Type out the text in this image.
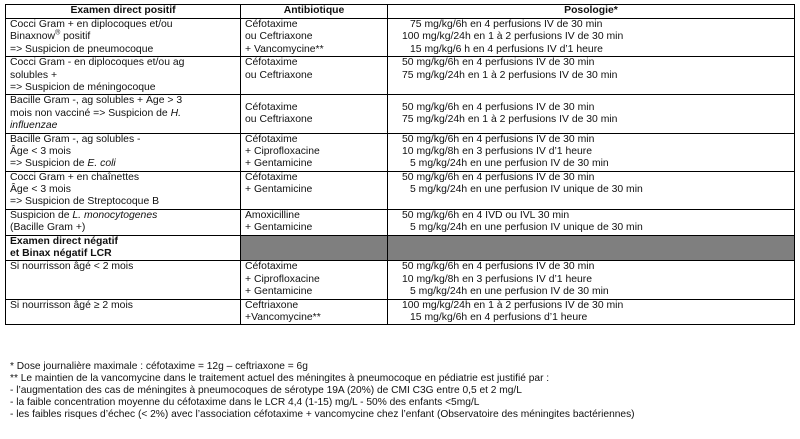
Examen direct positif	Antibiotique	Posologie*

Cocci Gram + en diplocoques et/ou
Binaxnow® positif
=> Suspicion de pneumocoque	Céfotaxime
ou Ceftriaxone
+ Vancomycine**	75 mg/kg/6h en 4 perfusions IV de 30 min
100 mg/kg/24h en 1 à 2 perfusions IV de 30 min
15 mg/kg/6 h en 4 perfusions IV d’1 heure

Cocci Gram - en diplocoques et/ou ag
solubles +
=> Suspicion de méningocoque	Céfotaxime
ou Ceftriaxone	50 mg/kg/6h en 4 perfusions IV de 30 min
75 mg/kg/24h en 1 à 2 perfusions IV de 30 min

Bacille Gram -, ag solubles + Âge > 3
mois non vacciné => Suspicion de H.
influenzae	Céfotaxime
ou Ceftriaxone	50 mg/kg/6h en 4 perfusions IV de 30 min
75 mg/kg/24h en 1 à 2 perfusions IV de 30 min

Bacille Gram -, ag solubles -
Âge < 3 mois
=> Suspicion de E. coli	Céfotaxime
+ Ciprofloxacine
+ Gentamicine	50 mg/kg/6h en 4 perfusions IV de 30 min
10 mg/kg/8h en 3 perfusions IV d’1 heure
5 mg/kg/24h en une perfusion IV de 30 min

Cocci Gram + en chaînettes
Âge < 3 mois
=> Suspicion de Streptocoque B	Céfotaxime
+ Gentamicine	50 mg/kg/6h en 4 perfusions IV de 30 min
5 mg/kg/24h en une perfusion IV unique de 30 min

Suspicion de L. monocytogenes
(Bacille Gram +)	Amoxicilline
+ Gentamicine	50 mg/kg/6h en 4 IVD ou IVL 30 min
5 mg/kg/24h en une perfusion IV unique de 30 min

Examen direct négatif
et Binax négatif LCR		

Si nourrisson âgé < 2 mois	Céfotaxime
+ Ciprofloxacine
+ Gentamicine	50 mg/kg/6h en 4 perfusions IV de 30 min
10 mg/kg/8h en 3 perfusions IV d’1 heure
5 mg/kg/24h en une perfusion IV de 30 min

Si nourrisson âgé ≥ 2 mois	Ceftriaxone
+Vancomycine**	100 mg/kg/24h en 1 à 2 perfusions IV de 30 min
15 mg/kg/6h en 4 perfusions d’1 heure
* Dose journalière maximale : céfotaxime = 12g – ceftriaxone = 6g
** Le maintien de la vancomycine dans le traitement actuel des méningites à pneumocoque en pédiatrie est justifié par :
- l’augmentation des cas de méningites à pneumocoques de sérotype 19A (20%) de CMI C3G entre 0,5 et 2 mg/L
- la faible concentration moyenne du céfotaxime dans le LCR 4,4 (1-15) mg/L - 50% des enfants <5mg/L
- les faibles risques d’échec (< 2%) avec l’association céfotaxime + vancomycine chez l’enfant (Observatoire des méningites bactériennes)
